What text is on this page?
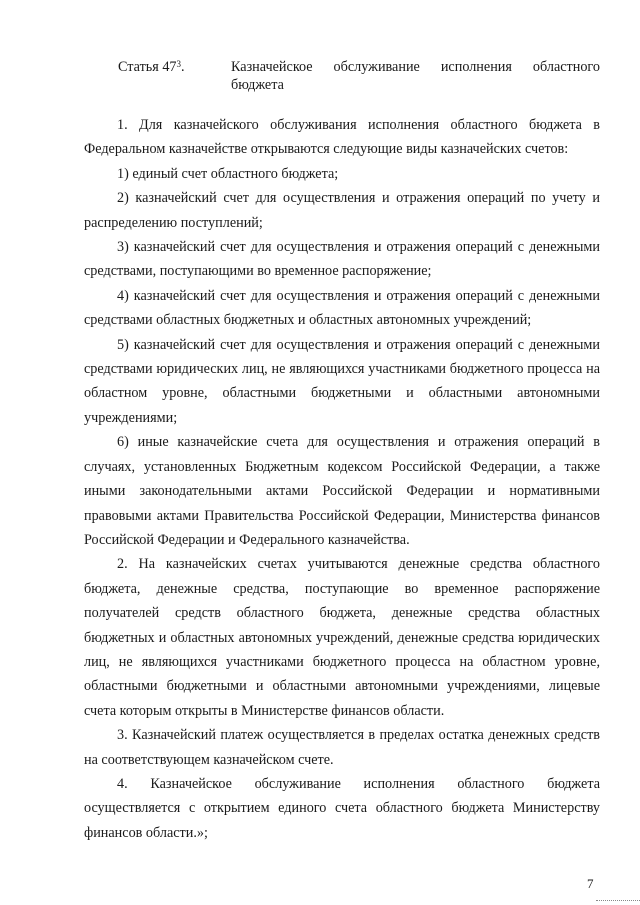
Статья $47^3$.	Казначейское обслуживание исполнения областного
бюджета

1. Для казначейского обслуживания исполнения областного бюджета в Федеральном казначействе открываются следующие виды казначейских счетов:

1) единый счет областного бюджета;

2) казначейский счет для осуществления и отражения операций по учету и распределению поступлений;

3) казначейский счет для осуществления и отражения операций с денежными средствами, поступающими во временное распоряжение;

4) казначейский счет для осуществления и отражения операций с денежными средствами областных бюджетных и областных автономных учреждений;

5) казначейский счет для осуществления и отражения операций с денежными средствами юридических лиц, не являющихся участниками бюджетного процесса на областном уровне, областными бюджетными и областными автономными учреждениями;

6) иные казначейские счета для осуществления и отражения операций в случаях, установленных Бюджетным кодексом Российской Федерации, а также иными законодательными актами Российской Федерации и нормативными правовыми актами Правительства Российской Федерации, Министерства финансов Российской Федерации и Федерального казначейства.

2. На казначейских счетах учитываются денежные средства областного бюджета, денежные средства, поступающие во временное распоряжение получателей средств областного бюджета, денежные средства областных бюджетных и областных автономных учреждений, денежные средства юридических лиц, не являющихся участниками бюджетного процесса на областном уровне, областными бюджетными и областными автономными учреждениями, лицевые счета которым открыты в Министерстве финансов области.

3. Казначейский платеж осуществляется в пределах остатка денежных средств на соответствующем казначейском счете.

4. Казначейское обслуживание исполнения областного бюджета осуществляется с открытием единого счета областного бюджета Министерству финансов области.»;

7
